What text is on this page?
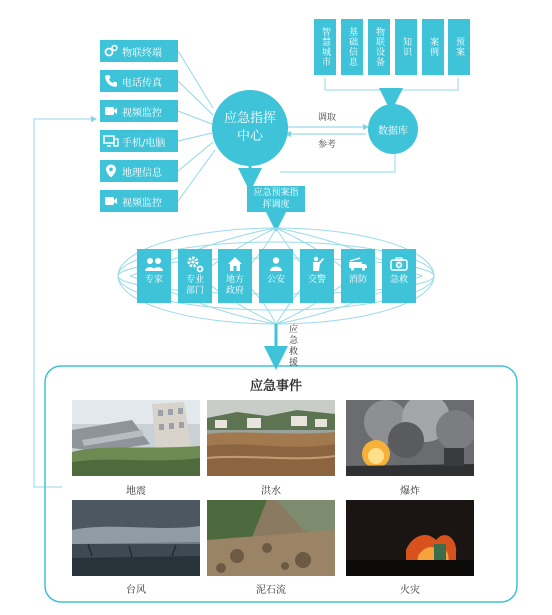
物联终端
电话传真
视频监控
手机/电脑
地理信息
视频监控
应急指挥中心
智慧城市 基础信息 物联设备 知识 案例 预案
数据库
调取
参考
应急预案指挥调度
专家	专业部门
地方政府
公安	交警	消防	急救
应急救援
应急事件
地震	洪水	爆炸
台风	泥石流	火灾
